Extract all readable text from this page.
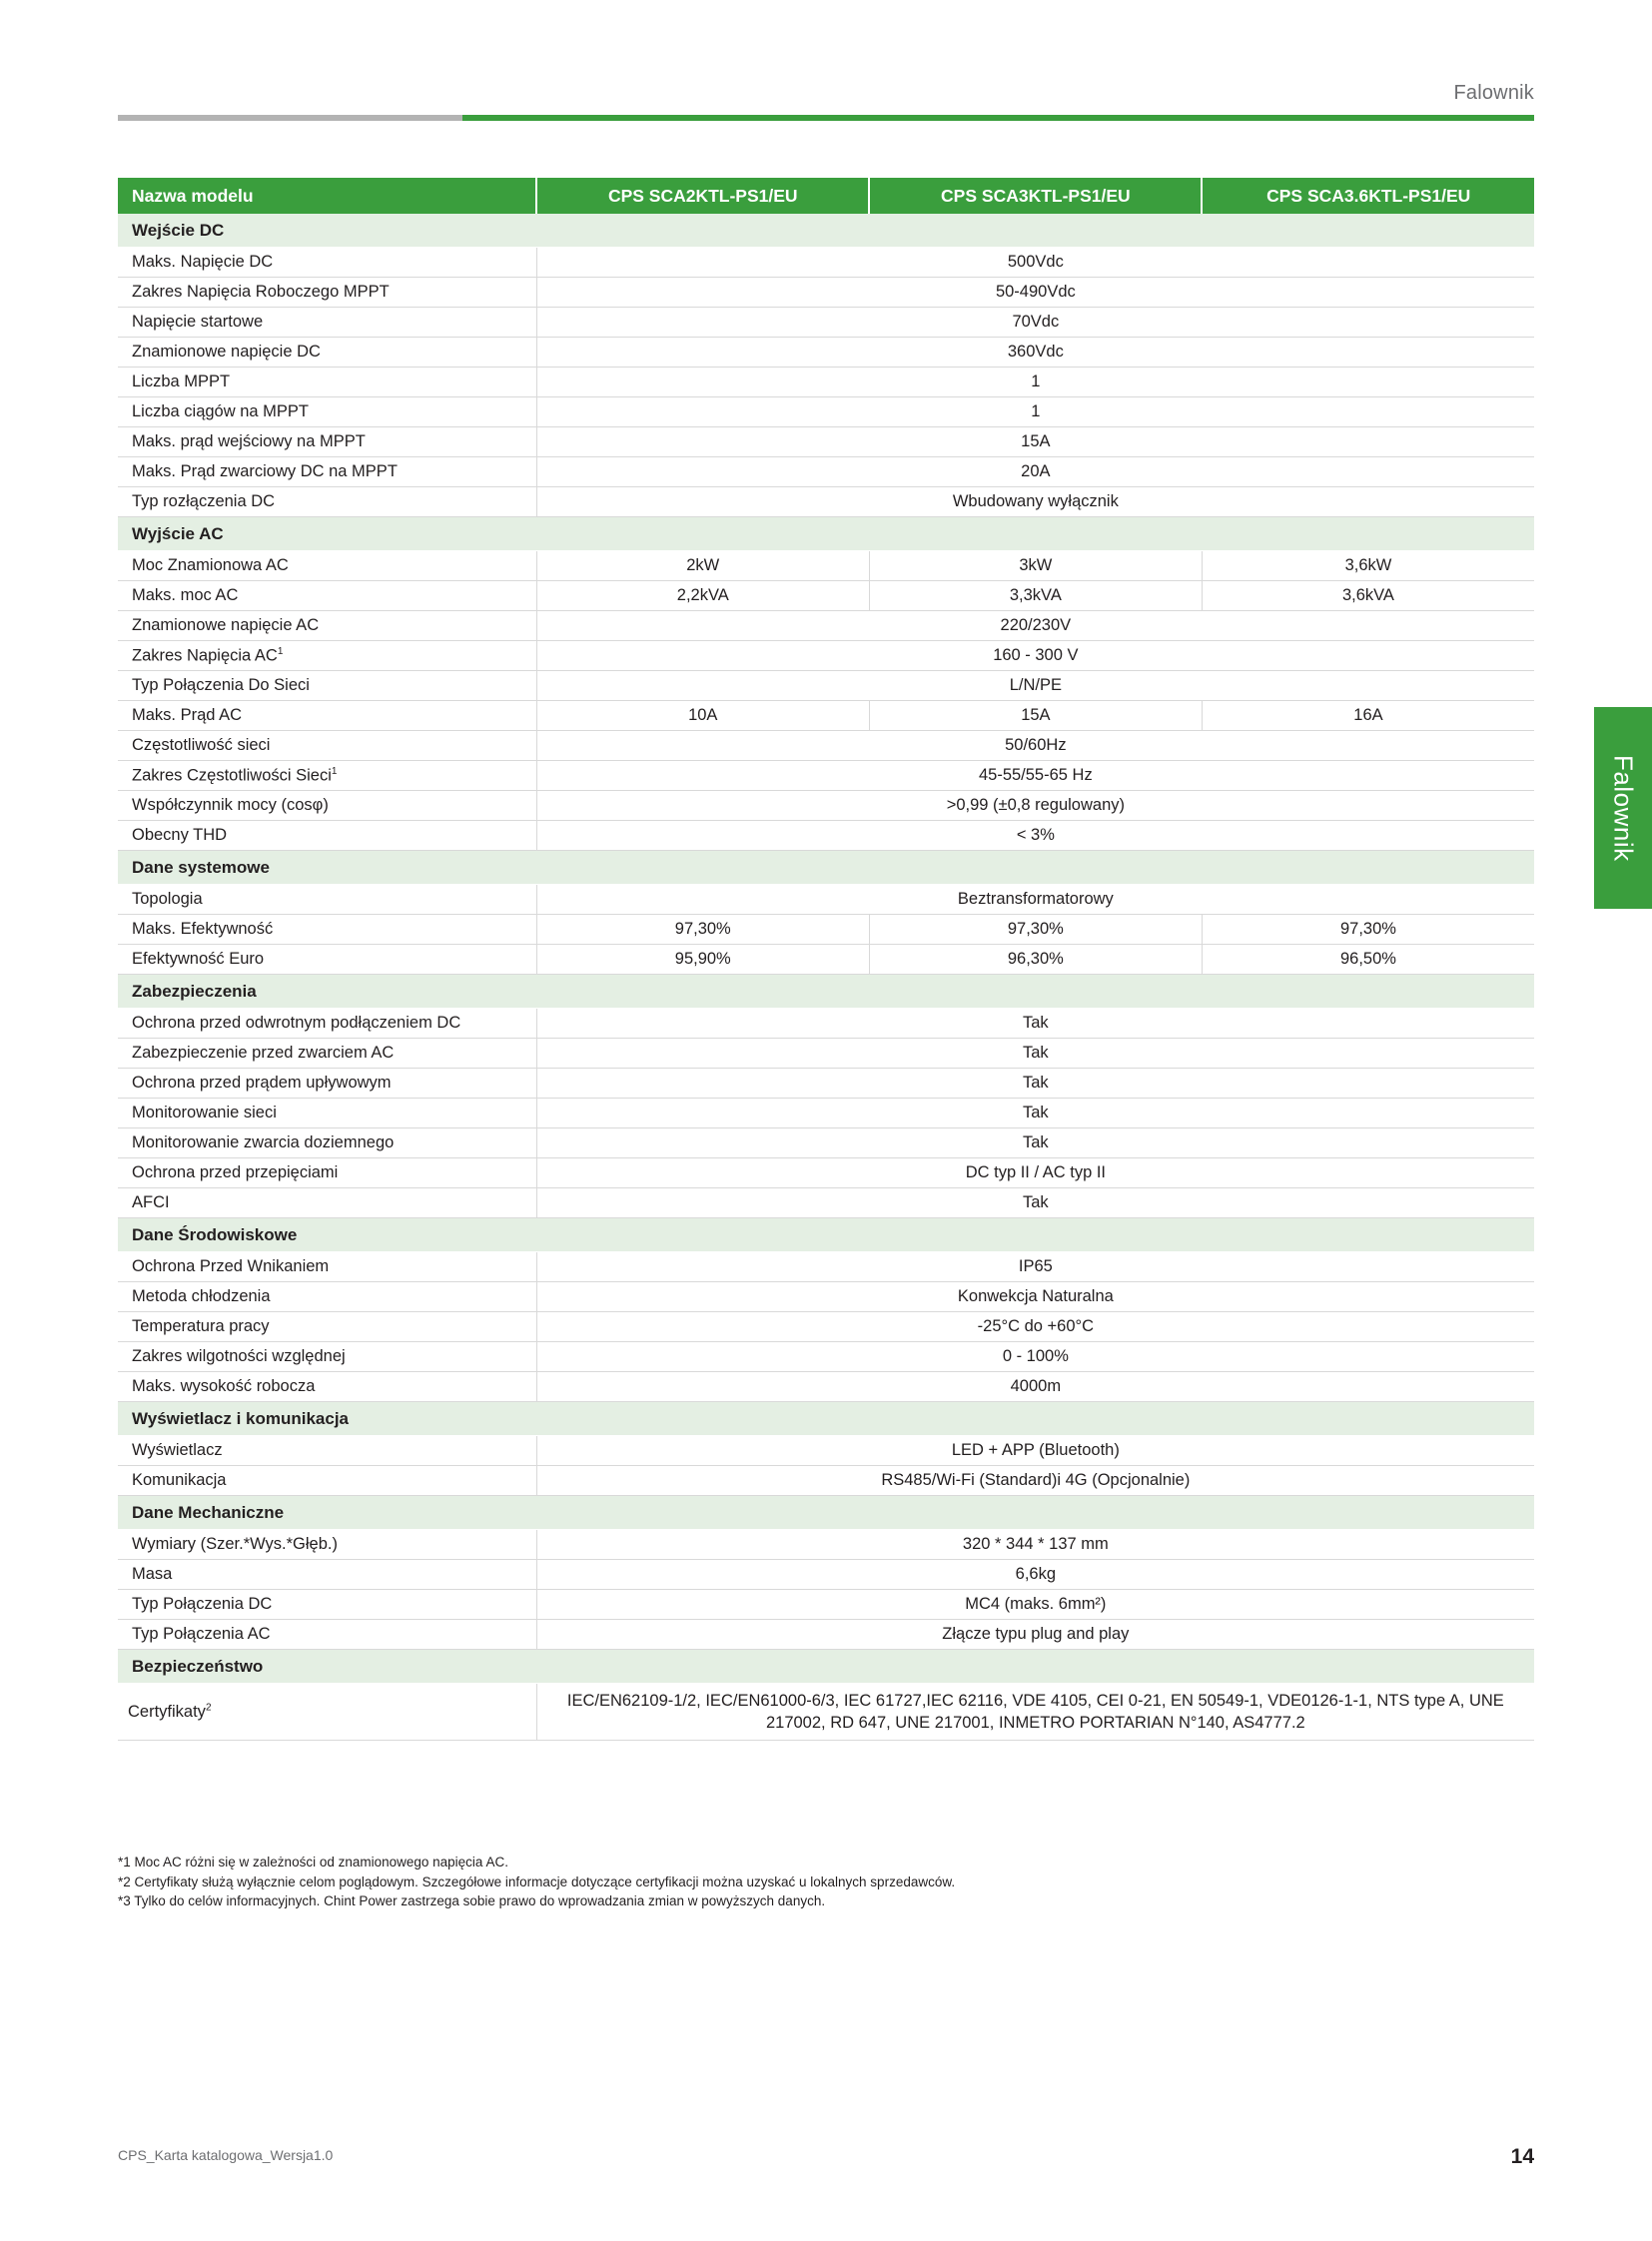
Falownik
Falownik
Nazwa modelu	CPS SCA2KTL-PS1/EU	CPS SCA3KTL-PS1/EU	CPS SCA3.6KTL-PS1/EU
Wejście DC			
Maks. Napięcie DC	500Vdc		
Zakres Napięcia Roboczego MPPT	50-490Vdc		
Napięcie startowe	70Vdc		
Znamionowe napięcie DC	360Vdc		
Liczba MPPT	1		
Liczba ciągów na MPPT	1		
Maks. prąd wejściowy na MPPT	15A		
Maks. Prąd zwarciowy DC na MPPT	20A		
Typ rozłączenia DC	Wbudowany wyłącznik		
Wyjście AC			
Moc Znamionowa AC	2kW	3kW	3,6kW
Maks. moc AC	2,2kVA	3,3kVA	3,6kVA
Znamionowe napięcie AC	220/230V		
Zakres Napięcia $AC^1$	160 - 300 V		
Typ Połączenia Do Sieci	L/N/PE		
Maks. Prąd AC	10A	15A	16A
Częstotliwość sieci	50/60Hz		
Zakres Częstotliwości Sieci$^1$	45-55/55-65 Hz		
Współczynnik mocy (cosφ)	>0,99 (±0,8 regulowany)		
Obecny THD	< 3%		
Dane systemowe			
Topologia	Beztransformatorowy		
Maks. Efektywność	97,30%	97,30%	97,30%
Efektywność Euro	95,90%	96,30%	96,50%
Zabezpieczenia			
Ochrona przed odwrotnym podłączeniem DC	Tak		
Zabezpieczenie przed zwarciem AC	Tak		
Ochrona przed prądem upływowym	Tak		
Monitorowanie sieci	Tak		
Monitorowanie zwarcia doziemnego	Tak		
Ochrona przed przepięciami	DC typ II / AC typ II		
AFCI	Tak		
Dane Środowiskowe			
Ochrona Przed Wnikaniem	IP65		
Metoda chłodzenia	Konwekcja Naturalna		
Temperatura pracy	-25°C do +60°C		
Zakres wilgotności względnej	0 - 100%		
Maks. wysokość robocza	4000m		
Wyświetlacz i komunikacja			
Wyświetlacz	LED + APP (Bluetooth)		
Komunikacja	RS485/Wi-Fi (Standard)i 4G (Opcjonalnie)		
Dane Mechaniczne			
Wymiary (Szer.*Wys.*Głęb.)	320 * 344 * 137 mm		
Masa	6,6kg		
Typ Połączenia DC	MC4 (maks. 6mm²)		
Typ Połączenia AC	Złącze typu plug and play		
Bezpieczeństwo			
Certyfikaty$^2$	IEC/EN62109-1/2, IEC/EN61000-6/3, IEC 61727,IEC 62116, VDE 4105, CEI 0-21, EN 50549-1, VDE0126-1-1, NTS type A, UNE 217002, RD 647, UNE 217001, INMETRO PORTARIAN N°140, AS4777.2		
*1 Moc AC różni się w zależności od znamionowego napięcia AC.
*2 Certyfikaty służą wyłącznie celom poglądowym. Szczegółowe informacje dotyczące certyfikacji można uzyskać u lokalnych sprzedawców.
*3 Tylko do celów informacyjnych. Chint Power zastrzega sobie prawo do wprowadzania zmian w powyższych danych.
CPS_Karta katalogowa_Wersja1.0	14
